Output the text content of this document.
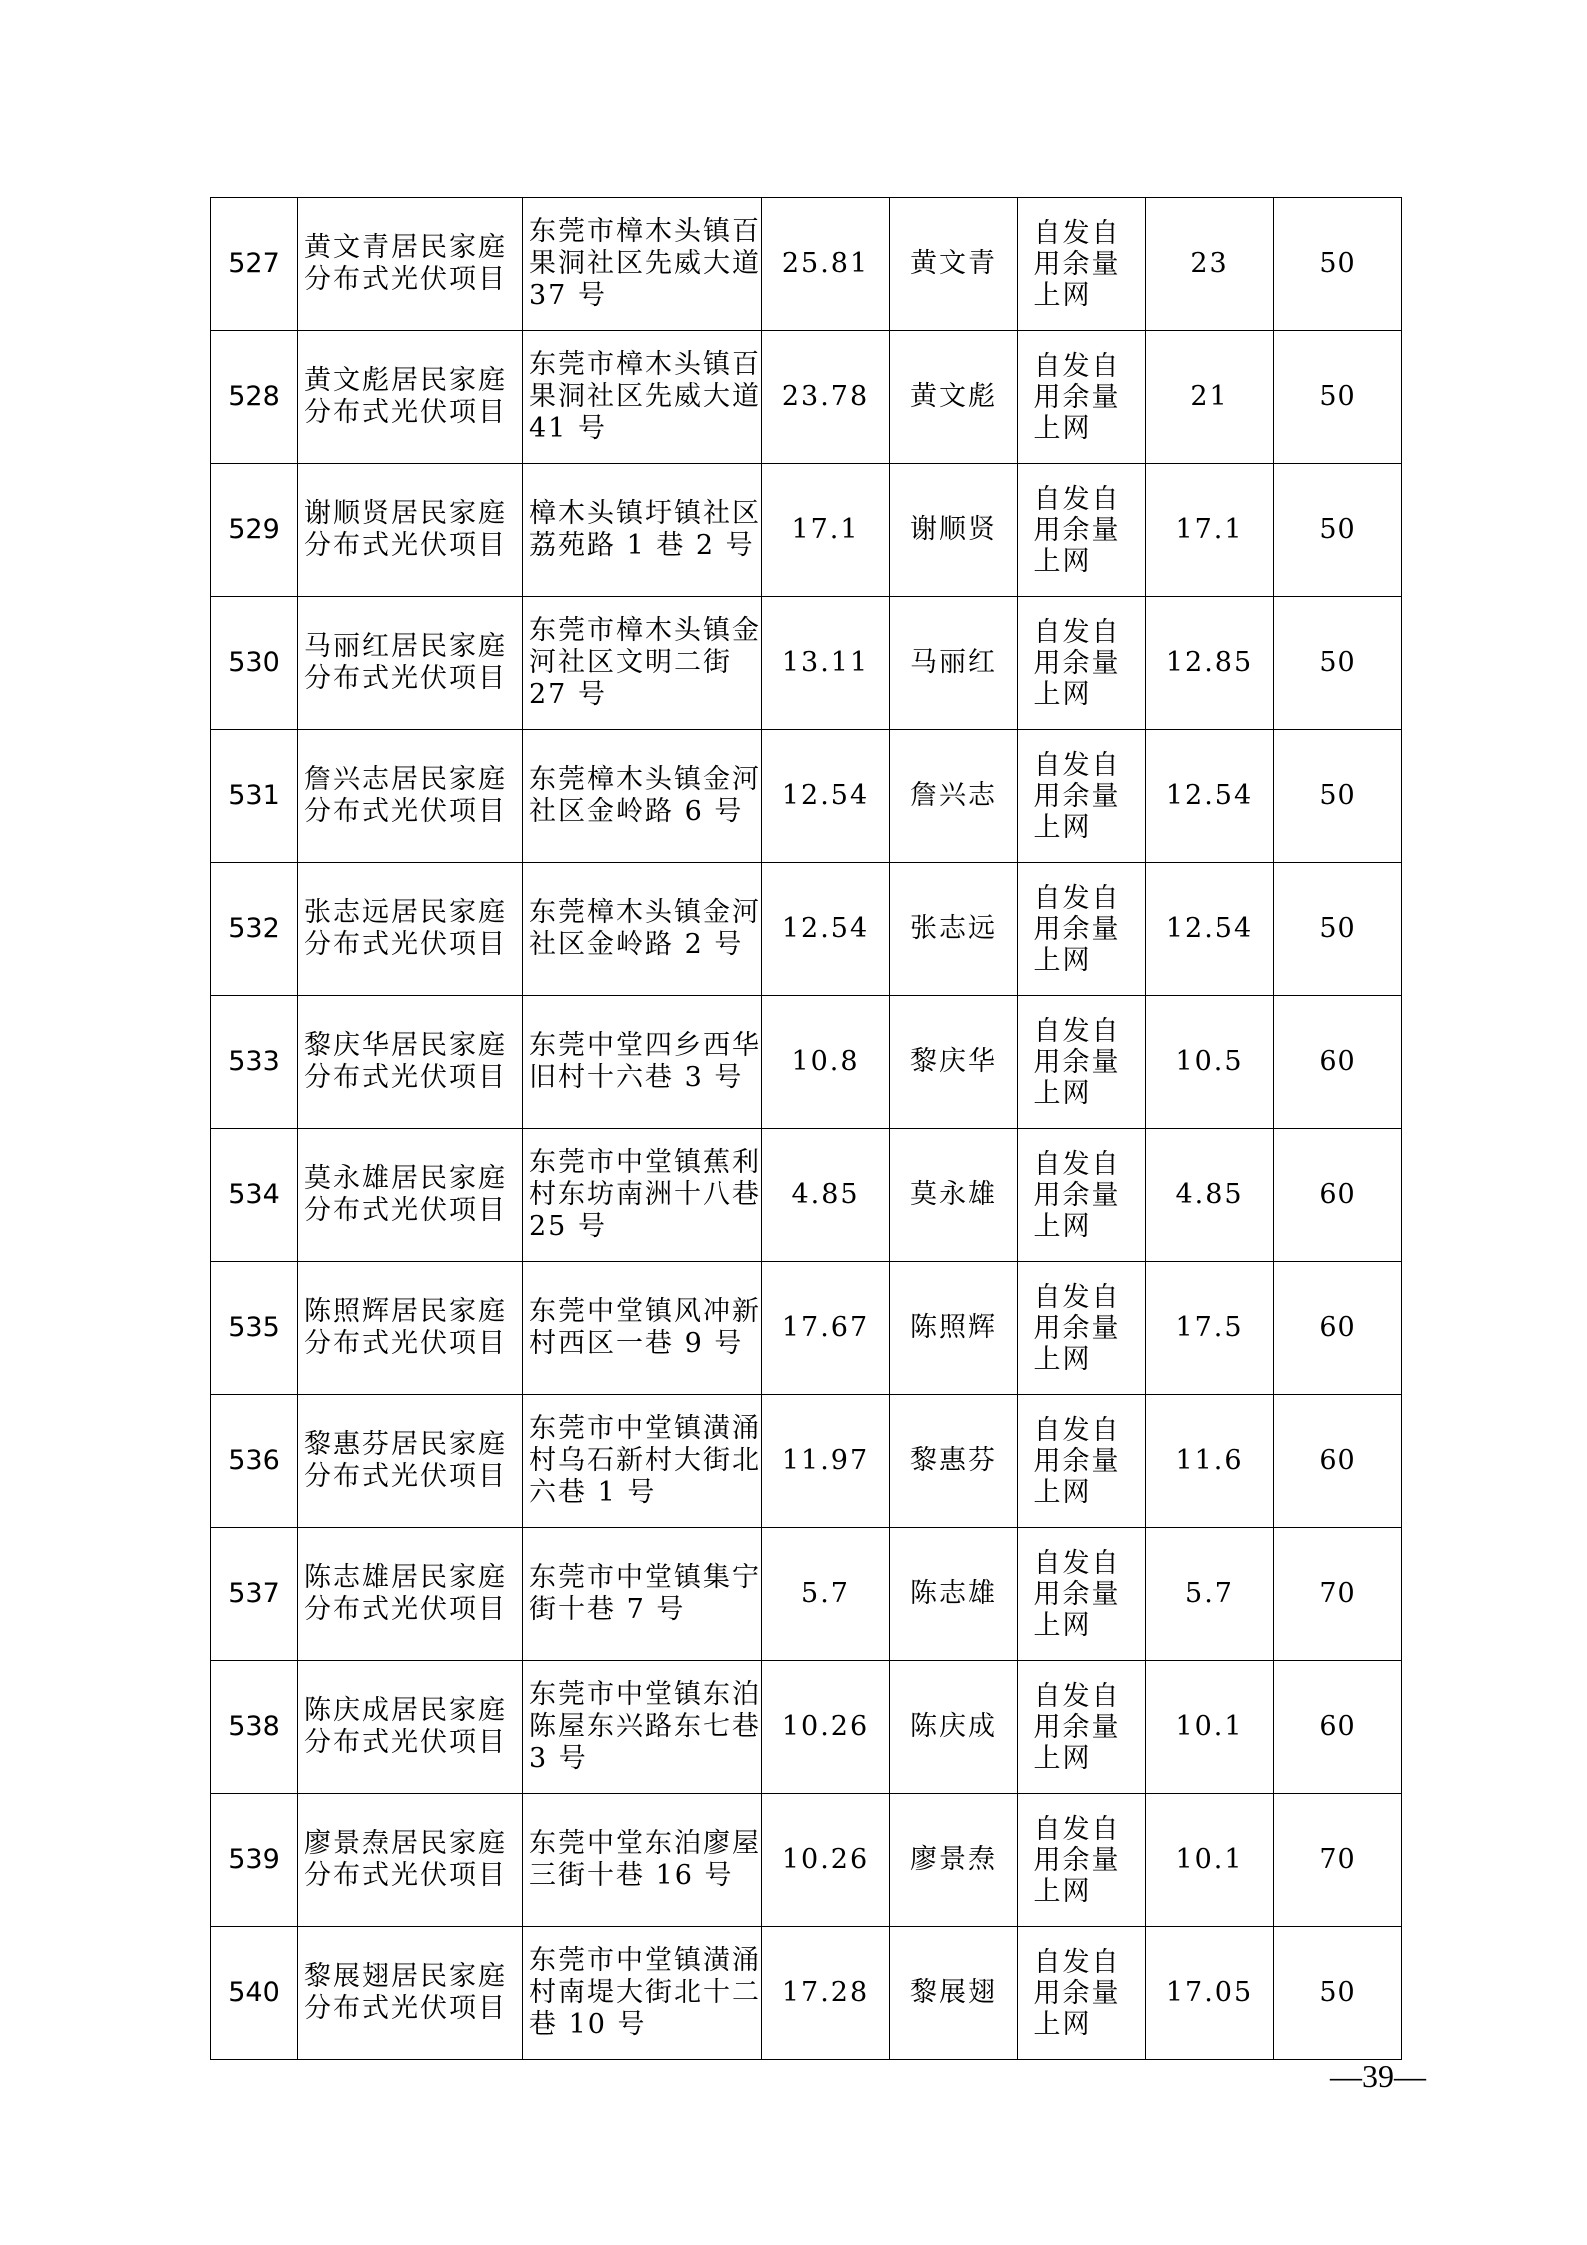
527	黄文青居民家庭分布式光伏项目	东莞市樟木头镇百果洞社区先威大道 37 号	25.81	黄文青	自发自用余量上网	23	50
528	黄文彪居民家庭分布式光伏项目	东莞市樟木头镇百果洞社区先威大道 41 号	23.78	黄文彪	自发自用余量上网	21	50
529	谢顺贤居民家庭分布式光伏项目	樟木头镇圩镇社区荔苑路 1 巷 2 号	17.1	谢顺贤	自发自用余量上网	17.1	50
530	马丽红居民家庭分布式光伏项目	东莞市樟木头镇金河社区文明二街 27 号	13.11	马丽红	自发自用余量上网	12.85	50
531	詹兴志居民家庭分布式光伏项目	东莞樟木头镇金河社区金岭路 6 号	12.54	詹兴志	自发自用余量上网	12.54	50
532	张志远居民家庭分布式光伏项目	东莞樟木头镇金河社区金岭路 2 号	12.54	张志远	自发自用余量上网	12.54	50
533	黎庆华居民家庭分布式光伏项目	东莞中堂四乡西华旧村十六巷 3 号	10.8	黎庆华	自发自用余量上网	10.5	60
534	莫永雄居民家庭分布式光伏项目	东莞市中堂镇蕉利村东坊南洲十八巷 25 号	4.85	莫永雄	自发自用余量上网	4.85	60
535	陈照辉居民家庭分布式光伏项目	东莞中堂镇风冲新村西区一巷 9 号	17.67	陈照辉	自发自用余量上网	17.5	60
536	黎惠芬居民家庭分布式光伏项目	东莞市中堂镇潢涌村乌石新村大街北六巷 1 号	11.97	黎惠芬	自发自用余量上网	11.6	60
537	陈志雄居民家庭分布式光伏项目	东莞市中堂镇集宁街十巷 7 号	5.7	陈志雄	自发自用余量上网	5.7	70
538	陈庆成居民家庭分布式光伏项目	东莞市中堂镇东泊陈屋东兴路东七巷 3 号	10.26	陈庆成	自发自用余量上网	10.1	60
539	廖景焘居民家庭分布式光伏项目	东莞中堂东泊廖屋三街十巷 16 号	10.26	廖景焘	自发自用余量上网	10.1	70
540	黎展翅居民家庭分布式光伏项目	东莞市中堂镇潢涌村南堤大街北十二巷 10 号	17.28	黎展翅	自发自用余量上网	17.05	50
—39—
